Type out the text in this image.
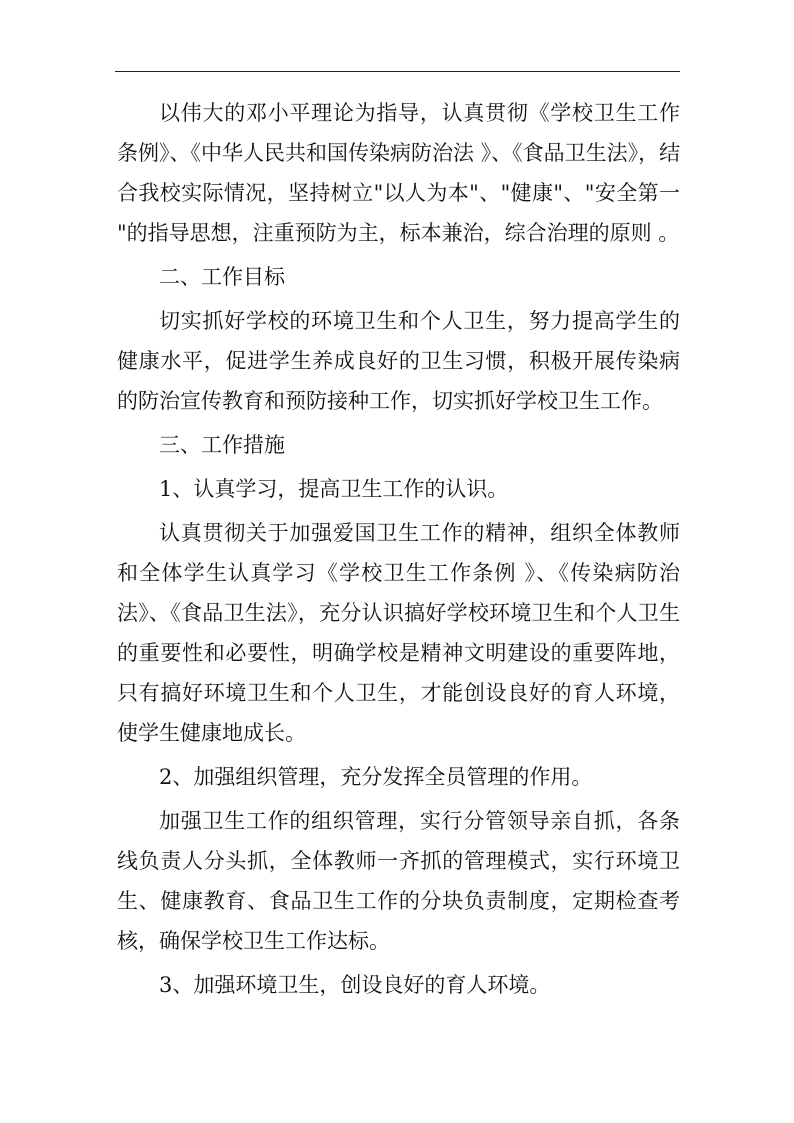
以伟大的邓小平理论为指导，认真贯彻《学校卫生工作
条例》、《中华人民共和国传染病防治法 》、《食品卫生法》，结
合我校实际情况，坚持树立"以人为本"、"健康"、"安全第一
"的指导思想，注重预防为主，标本兼治，综合治理的原则 。
二、工作目标
切实抓好学校的环境卫生和个人卫生，努力提高学生的
健康水平，促进学生养成良好的卫生习惯，积极开展传染病
的防治宣传教育和预防接种工作，切实抓好学校卫生工作。
三、工作措施
1、认真学习，提高卫生工作的认识。
认真贯彻关于加强爱国卫生工作的精神，组织全体教师
和全体学生认真学习《学校卫生工作条例 》、《传染病防治
法》、《食品卫生法》，充分认识搞好学校环境卫生和个人卫生
的重要性和必要性，明确学校是精神文明建设的重要阵地，
只有搞好环境卫生和个人卫生，才能创设良好的育人环境，
使学生健康地成长。
2、加强组织管理，充分发挥全员管理的作用。
加强卫生工作的组织管理，实行分管领导亲自抓，各条
线负责人分头抓，全体教师一齐抓的管理模式，实行环境卫
生、健康教育、食品卫生工作的分块负责制度，定期检查考
核，确保学校卫生工作达标。
3、加强环境卫生，创设良好的育人环境。
